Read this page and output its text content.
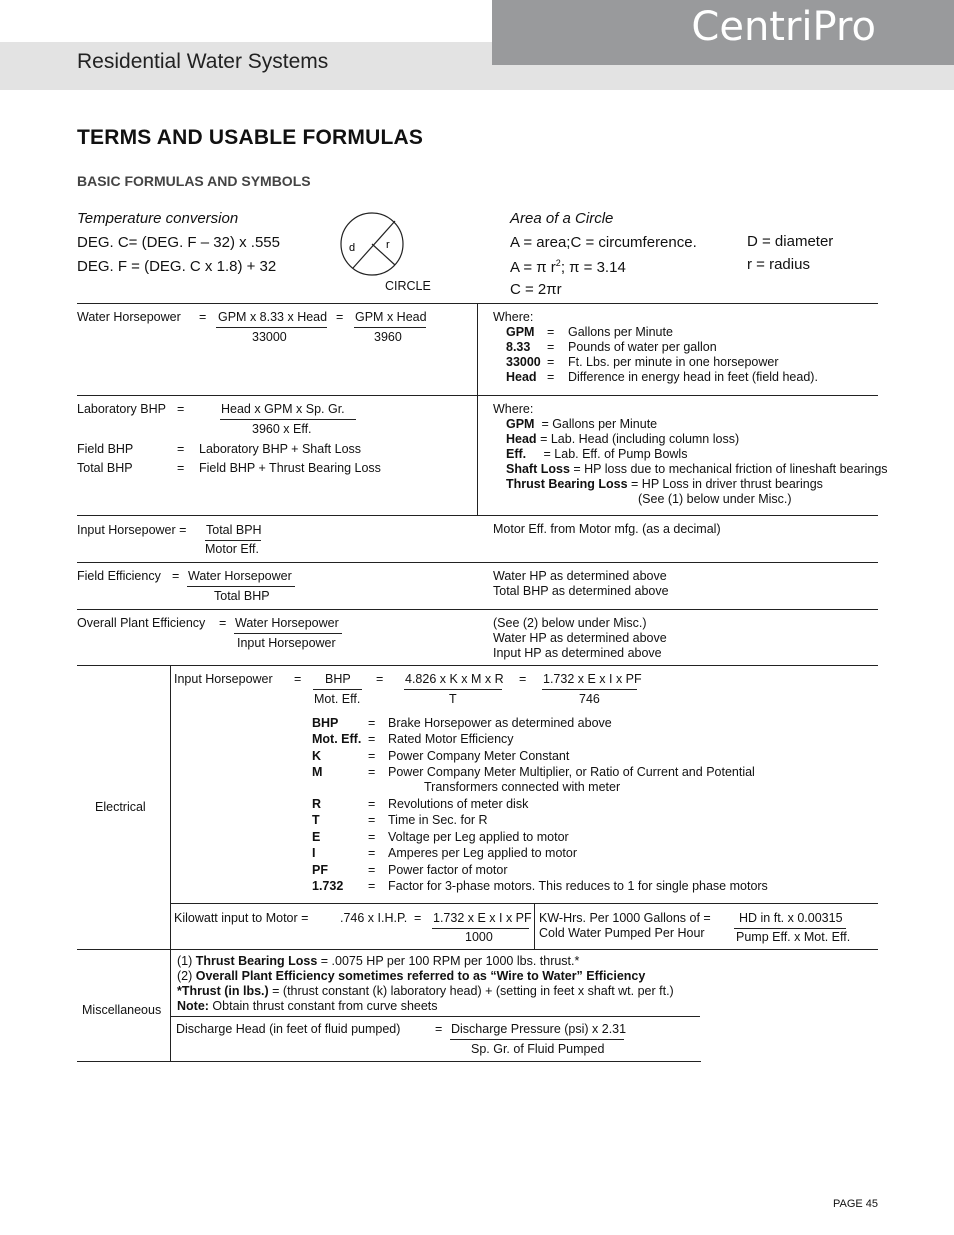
CentriPro
Residential Water Systems
TERMS AND USABLE FORMULAS
BASIC FORMULAS AND SYMBOLS
Temperature conversion
DEG. C= (DEG. F – 32) x .555
DEG. F = (DEG. C x 1.8) + 32
d	r
CIRCLE
Area of a Circle
A = area;C = circumference.
A = π $r^2$; π = 3.14
C = 2πr
D = diameter
r = radius
Water Horsepower = GPM x 8.33 x Head
33000
= GPM x Head
3960
Where:
GPM = Gallons per Minute
8.33 = Pounds of water per gallon
33000 = Ft. Lbs. per minute in one horsepower
Head = Difference in energy head in feet (field head).
Laboratory BHP =	Head x GPM x Sp. Gr.
3960 x Eff.
Field BHP	= Laboratory BHP + Shaft Loss
Total BHP	= Field BHP + Thrust Bearing Loss
Where:
GPM = Gallons per Minute
Head = Lab. Head (including column loss)
Eff. = Lab. Eff. of Pump Bowls
Shaft Loss = HP loss due to mechanical friction of lineshaft bearings
Thrust Bearing Loss = HP Loss in driver thrust bearings
(See (1) below under Misc.)
Input Horsepower = Total BPH
Motor Eff.
Motor Eff. from Motor mfg. (as a decimal)
Field Efficiency = Water Horsepower
Total BHP
Water HP as determined above
Total BHP as determined above
Overall Plant Efficiency = Water Horsepower
Input Horsepower
(See (2) below under Misc.)
Water HP as determined above
Input HP as determined above
Electrical
Input Horsepower = BHP
Mot. Eff.
= 4.826 x K x M x R
T
= 1.732 x E x I x PF
746
BHP = Brake Horsepower as determined above
Mot. Eff. = Rated Motor Efficiency
K	= Power Company Meter Constant
M	= Power Company Meter Multiplier, or Ratio of Current and Potential
Transformers connected with meter
R	= Revolutions of meter disk
T	= Time in Sec. for R
E	= Voltage per Leg applied to motor
I	= Amperes per Leg applied to motor
PF	= Power factor of motor
1.732 = Factor for 3-phase motors. This reduces to 1 for single phase motors
Kilowatt input to Motor =	.746 x I.H.P. = 1.732 x E x I x PF
1000
KW-Hrs. Per 1000 Gallons of =
Cold Water Pumped Per Hour
HD in ft. x 0.00315
Pump Eff. x Mot. Eff.
Miscellaneous
(1) Thrust Bearing Loss = .0075 HP per 100 RPM per 1000 lbs. thrust.*
(2) Overall Plant Efficiency sometimes referred to as “Wire to Water” Efficiency
*Thrust (in lbs.) = (thrust constant (k) laboratory head) + (setting in feet x shaft wt. per ft.)
Note: Obtain thrust constant from curve sheets
Discharge Head (in feet of fluid pumped)	= Discharge Pressure (psi) x 2.31
Sp. Gr. of Fluid Pumped
PAGE 45
